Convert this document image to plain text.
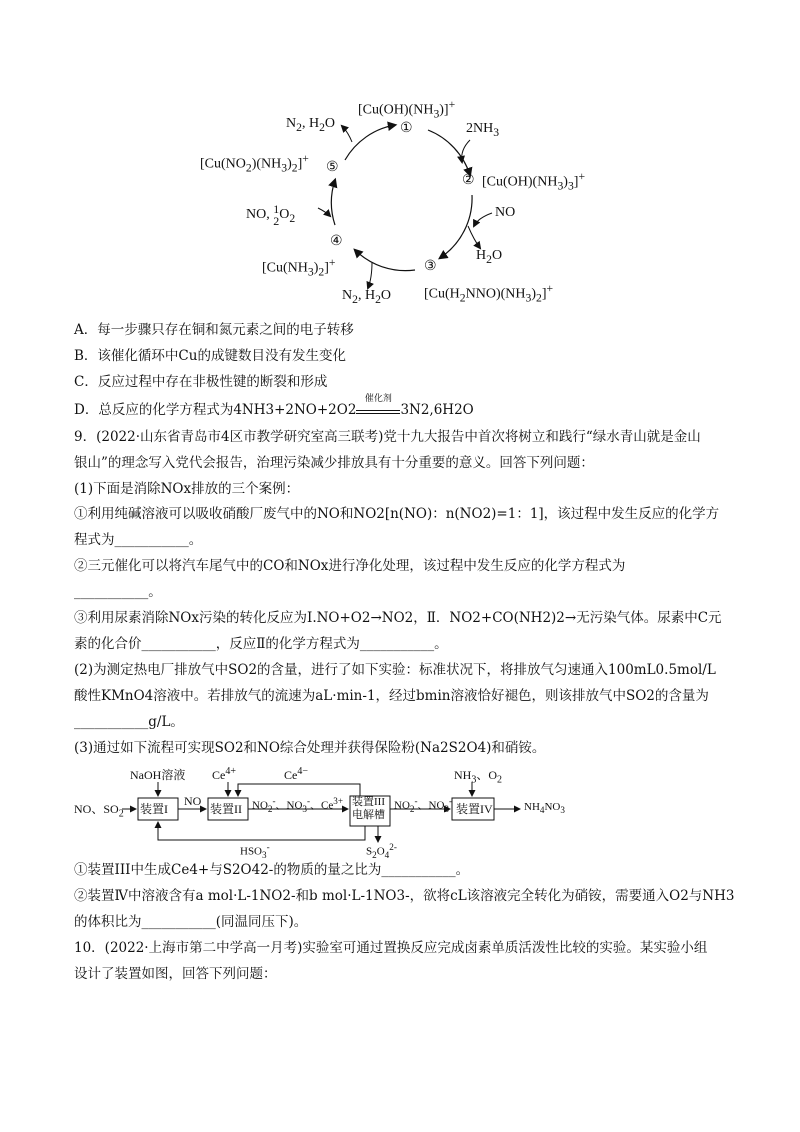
$[Cu(OH)(NH_3)]^+$
①	$2NH_3$
$N_2$, $H_2O$
$[Cu(NO_2)(NH_3)_2]^+$
⑤
② $[Cu(OH)(NH_3)_3]^+$
NO
NO, 1
$2O_2$
④
$H_2O$
$[Cu(NH_3)_2]^+$	③
$[Cu(H_2NNO)(NH_3)_2]^+$
$N_2$, $H_2O$
A．每一步骤只存在铜和氮元素之间的电子转移
B．该催化循环中Cu的成键数目没有发生变化
C．反应过程中存在非极性键的断裂和形成
D．总反应的化学方程式为4NH3+2NO+2O2
催化剂
3N2,6H2O
9．(2022·山东省青岛市4区市教学研究室高三联考)党十九大报告中首次将树立和践行“绿水青山就是金山
银山”的理念写入党代会报告，治理污染减少排放具有十分重要的意义。回答下列问题：
(1)下面是消除NOx排放的三个案例：
①利用纯碱溶液可以吸收硝酸厂废气中的NO和NO2[n(NO)：n(NO2)=1：1]，该过程中发生反应的化学方
程式为___________。
②三元催化可以将汽车尾气中的CO和NOx进行净化处理，该过程中发生反应的化学方程式为
___________。
③利用尿素消除NOx污染的转化反应为Ⅰ.NO+O2→NO2，Ⅱ．NO2+CO(NH2)2→无污染气体。尿素中C元
素的化合价___________，反应Ⅱ的化学方程式为___________。
(2)为测定热电厂排放气中SO2的含量，进行了如下实验：标准状况下，将排放气匀速通入100mL0.5mol/L
酸性KMnO4溶液中。若排放气的流速为aL·min-1，经过bmin溶液恰好褪色，则该排放气中SO2的含量为
___________g/L。
(3)通过如下流程可实现SO2和NO综合处理并获得保险粉(Na2S2O4)和硝铵。
NaOH溶液 $Ce^{4+}$	$Ce^{4-}$	$NH_3$、$O_2$
NO、$SO_2$ 装置I
NO
装置II $NO_2^-$、$NO_3^-$、$Ce^{3+}$ 装置III
电解槽
$NO_2^-$、$NO_3^-$
装置IV	$NH_4NO_3$
$HSO_3^-$	$S_2O_4^{2-}$
①装置III中生成Ce4+与S2O42-的物质的量之比为___________。
②装置Ⅳ中溶液含有a mol·L-1NO2-和b mol·L-1NO3-，欲将cL该溶液完全转化为硝铵，需要通入O2与NH3
的体积比为___________(同温同压下)。
10．(2022·上海市第二中学高一月考)实验室可通过置换反应完成卤素单质活泼性比较的实验。某实验小组
设计了装置如图，回答下列问题：
